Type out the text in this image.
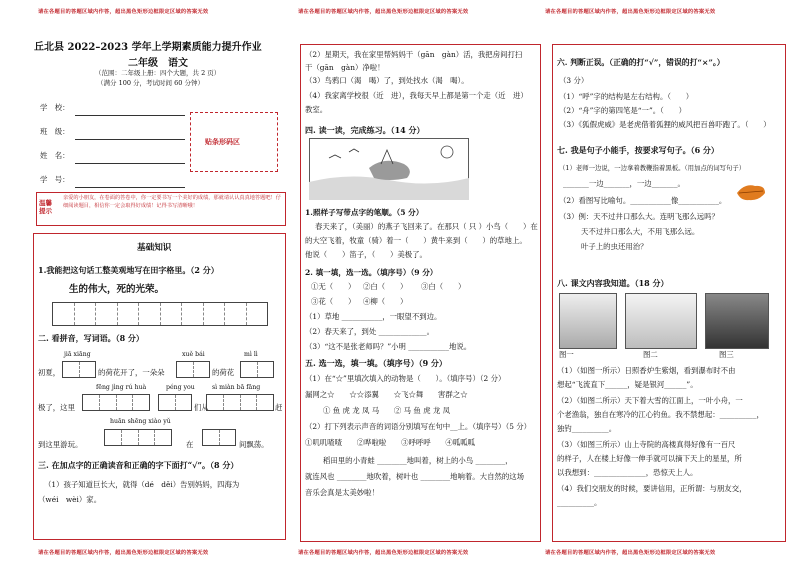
请在各题目的答题区域内作答，超出黑色矩形边框限定区域的答案无效	请在各题目的答题区域内作答，超出黑色矩形边框限定区域的答案无效	请在各题目的答题区域内作答，超出黑色矩形边框限定区域的答案无效
请在各题目的答题区域内作答，超出黑色矩形边框限定区域的答案无效	请在各题目的答题区域内作答，超出黑色矩形边框限定区域的答案无效	请在各题目的答题区域内作答，超出黑色矩形边框限定区域的答案无效
丘北县 2022–2023 学年上学期素质能力提升作业
二年级　语文
（范围：二年级上册：四个大题，共 2 页）
（满分 100 分，考试时间 60 分钟）
学　校：
班　级：
姓　名：
学　号：
贴条形码区
温馨提示
亲爱的小朋友，在卷面的答卷中，你一定要书写一个美好的成绩，那就请认认真真地答题吧！仔细阅读题目，相信你一定会取得好成绩！记得书写清晰哦！
基础知识
1.我能把这句话工整美观地写在田字格里。（2 分）
生的伟大，死的光荣。
二. 看拼音，写词语。（8 分）
jiā xiāng	xuě bái	mì lì
初夏，	的荷花开了，一朵朵	的荷花
fēng jìng rú huà	péng you	sì miàn bā fāng
极了，这里	们从	赶
huān shēng xiào yǔ
到这里游玩。	在	间飘荡。
三. 在加点字的正确读音和正确的字下面打“√”。（8 分）
（1）孩子知道巨长大，就得（dé　děi）告别妈妈，四海为
（wéi　wèi）家。
（2）星期天，我在家里帮妈妈干（gān　gàn）活，我把房间打扫
干（gān　gàn）净啦！
（3）鸟鸦口（渴　喝）了，到处找水（渴　喝）。
（4）我家离学校很（近　进），我每天早上都是第一个走（近　进）
教室。
四. 读一读，完成练习。（14 分）
1.照样子写带点字的笔顺。（5 分）
春天来了，（美丽）的燕子飞回来了。在那只（ 只 ）小鸟（　　）在
的大空飞着，牧童（骑）着一（　　）黄牛来到（　　）的草地上。
他说（　　）笛子，（　　）美极了。
2. 填一填，选一选。（填序号）（9 分）
①无（　　） ②白（　　） ③白（　　）
③花（　　） ④柳（　　）
（1）草地 ___________，一眼望不到边。
（2）春天来了，到处 _____________。
（3）“这不是张老师吗？”小明 ___________地说。
五. 选一选，填一填。（填序号）（9 分）
（1）在“☆”里填次填入的动物是（　　）。（填序号）（2 分）
漏网之☆　　☆☆添翼　　☆飞☆舞　　害群之☆
① 鱼 虎 龙 凤 马　　② 马 鱼 虎 龙 凤
（2）打下列表示声音的词语分别填写在句中__上。（填序号）（5 分）
①叽叽喳喳　　②哗啦啦　　③呼呼呼　　④呱呱呱
稻田里的小青蛙 ________地叫着，树上的小鸟 ________，
就连风也 ________地吹着，树叶也 ________地响着。大自然的这场
音乐会真是太美妙啦！
六. 判断正误。（正确的打“√”，错误的打“×”。）
（3 分）
（1）“呼”字的结构是左右结构。（　　）
（2）“舟”字的第四笔是“一”。（　　）
（3）《狐假虎威》是老虎借着狐狸的威风把百兽吓跑了。（　　）
七. 我是句子小能手，按要求写句子。（6 分）
（1）老师一边说，一边拿着教鞭指着黑板。（用加点的词写句子）
_______一边_______，一边_______。
（2）看图写比喻句。___________像___________。
（3）例：天不过井口那么大。连明飞那么远吗？
天不过井口那么大，不用飞那么远。
叶子上的虫还用治？
八. 课文内容我知道。（18 分）
图一	图二	图三
（1）（如图一所示）日照香炉生紫烟，看到瀑布时不由
想起“飞流直下______，疑是银河______”。
（2）（如图二所示）天下着大雪的江面上，一叶小舟，一
个老渔翁，独自在寒冷的江心钓鱼。我不禁想起：__________，
独钓__________。
（3）（如图三所示）山上寺院的高楼真得好像有一百尺
的样子，人在楼上好像一伸手就可以摘下天上的星星，所
以我想到：______________，恐惊天上人。
（4）我们交朋友的时候，要讲信用，正所谓：与朋友交，
__________。
